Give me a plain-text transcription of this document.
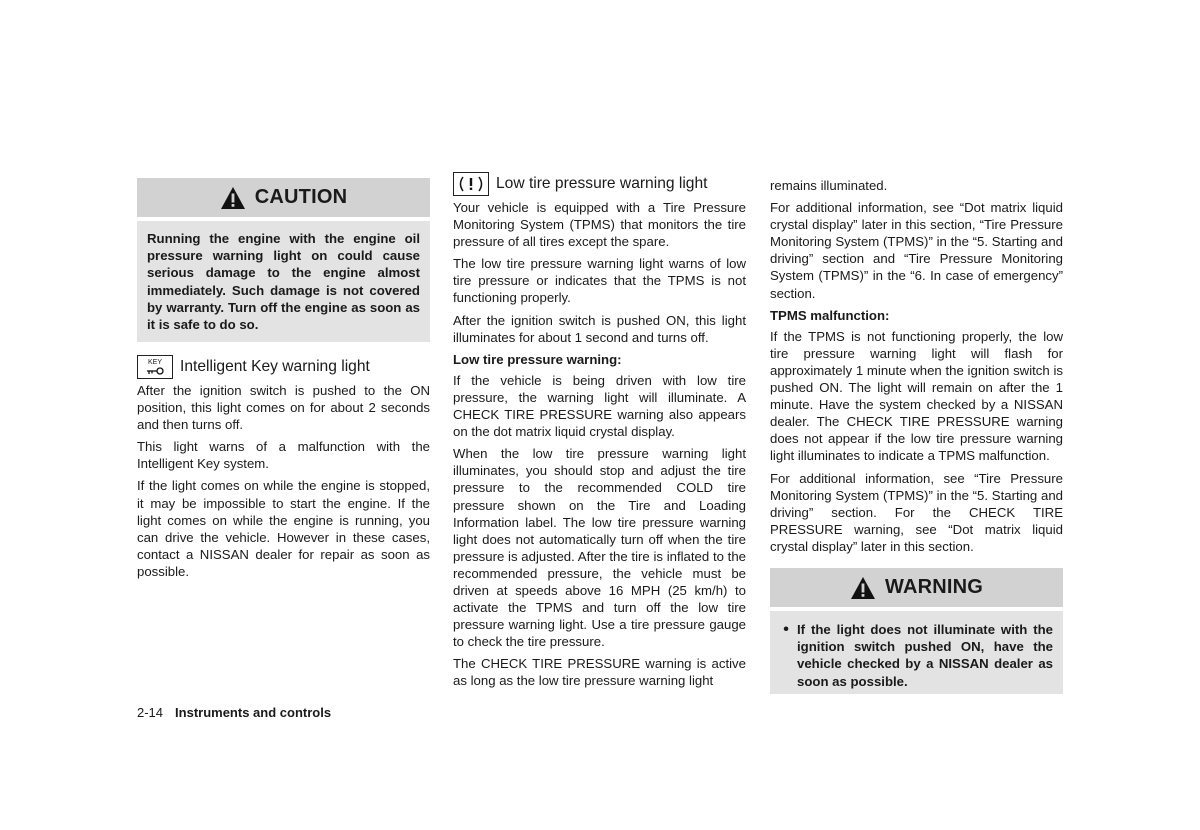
CAUTION

Running the engine with the engine oil pressure warning light on could cause serious damage to the engine almost immediately. Such damage is not covered by warranty. Turn off the engine as soon as it is safe to do so.

KEY Intelligent Key warning light

After the ignition switch is pushed to the ON position, this light comes on for about 2 seconds and then turns off.

This light warns of a malfunction with the Intelligent Key system.

If the light comes on while the engine is stopped, it may be impossible to start the engine. If the light comes on while the engine is running, you can drive the vehicle. However in these cases, contact a NISSAN dealer for repair as soon as possible.

Low tire pressure warning light

Your vehicle is equipped with a Tire Pressure Monitoring System (TPMS) that monitors the tire pressure of all tires except the spare.

The low tire pressure warning light warns of low tire pressure or indicates that the TPMS is not functioning properly.

After the ignition switch is pushed ON, this light illuminates for about 1 second and turns off.

Low tire pressure warning:

If the vehicle is being driven with low tire pressure, the warning light will illuminate. A CHECK TIRE PRESSURE warning also appears on the dot matrix liquid crystal display.

When the low tire pressure warning light illuminates, you should stop and adjust the tire pressure to the recommended COLD tire pressure shown on the Tire and Loading Information label. The low tire pressure warning light does not automatically turn off when the tire pressure is adjusted. After the tire is inflated to the recommended pressure, the vehicle must be driven at speeds above 16 MPH (25 km/h) to activate the TPMS and turn off the low tire pressure warning light. Use a tire pressure gauge to check the tire pressure.

The CHECK TIRE PRESSURE warning is active as long as the low tire pressure warning light

remains illuminated.

For additional information, see “Dot matrix liquid crystal display” later in this section, “Tire Pressure Monitoring System (TPMS)” in the “5. Starting and driving” section and “Tire Pressure Monitoring System (TPMS)” in the “6. In case of emergency” section.

TPMS malfunction:

If the TPMS is not functioning properly, the low tire pressure warning light will flash for approximately 1 minute when the ignition switch is pushed ON. The light will remain on after the 1 minute. Have the system checked by a NISSAN dealer. The CHECK TIRE PRESSURE warning does not appear if the low tire pressure warning light illuminates to indicate a TPMS malfunction.

For additional information, see “Tire Pressure Monitoring System (TPMS)” in the “5. Starting and driving” section. For the CHECK TIRE PRESSURE warning, see “Dot matrix liquid crystal display” later in this section.

WARNING
• If the light does not illuminate with the ignition switch pushed ON, have the vehicle checked by a NISSAN dealer as soon as possible.

2-14 Instruments and controls
